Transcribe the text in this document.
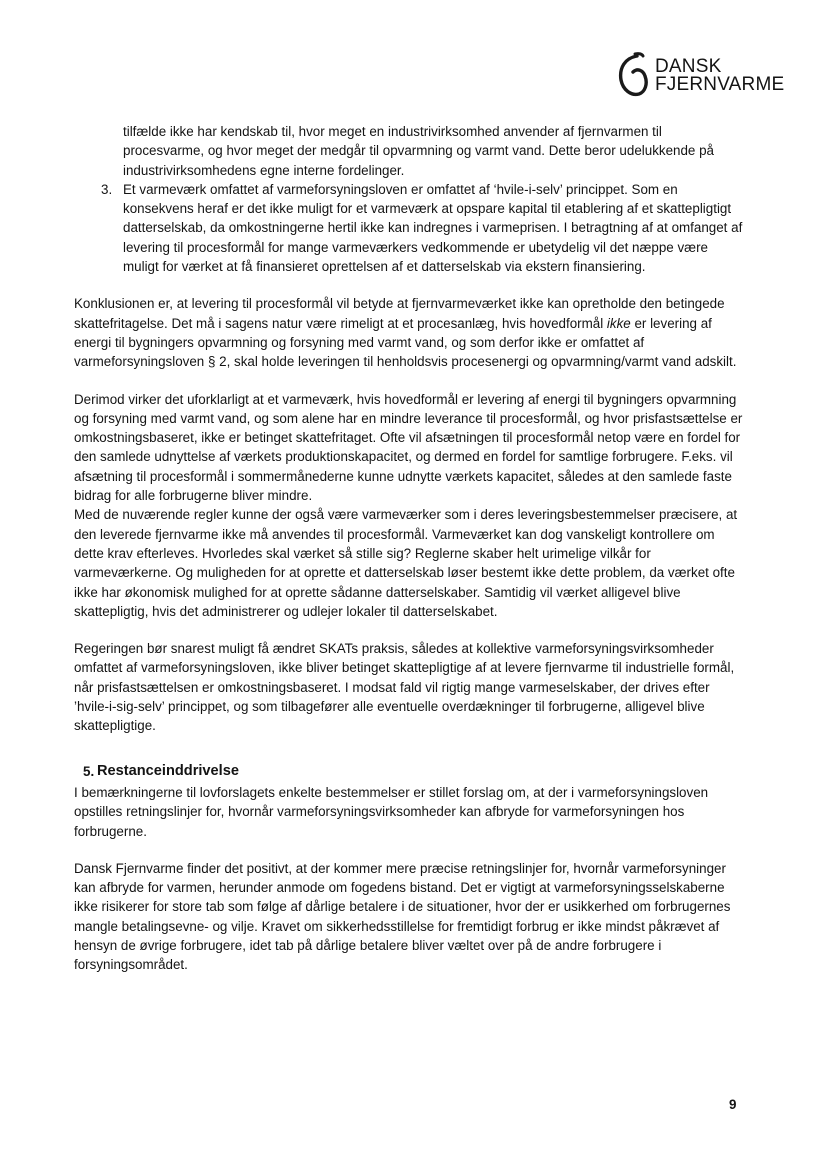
DANSK
FJERNVARME
tilfælde ikke har kendskab til, hvor meget en industrivirksomhed anvender af fjernvarmen til procesvarme, og hvor meget der medgår til opvarmning og varmt vand. Dette beror udelukkende på industrivirksomhedens egne interne fordelinger.
3. Et varmeværk omfattet af varmeforsyningsloven er omfattet af ‘hvile-i-selv’ princippet. Som en konsekvens heraf er det ikke muligt for et varmeværk at opspare kapital til etablering af et skattepligtigt datterselskab, da omkostningerne hertil ikke kan indregnes i varmeprisen. I betragtning af at omfanget af levering til procesformål for mange varmeværkers vedkommende er ubetydelig vil det næppe være muligt for værket at få finansieret oprettelsen af et datterselskab via ekstern finansiering.

Konklusionen er, at levering til procesformål vil betyde at fjernvarmeværket ikke kan opretholde den betingede skattefritagelse. Det må i sagens natur være rimeligt at et procesanlæg, hvis hovedformål ikke er levering af energi til bygningers opvarmning og forsyning med varmt vand, og som derfor ikke er omfattet af varmeforsyningsloven § 2, skal holde leveringen til henholdsvis procesenergi og opvarmning/varmt vand adskilt.

Derimod virker det uforklarligt at et varmeværk, hvis hovedformål er levering af energi til bygningers opvarmning og forsyning med varmt vand, og som alene har en mindre leverance til procesformål, og hvor prisfastsættelse er omkostningsbaseret, ikke er betinget skattefritaget. Ofte vil afsætningen til procesformål netop være en fordel for den samlede udnyttelse af værkets produktionskapacitet, og dermed en fordel for samtlige forbrugere. F.eks. vil afsætning til procesformål i sommermånederne kunne udnytte værkets kapacitet, således at den samlede faste bidrag for alle forbrugerne bliver mindre.

Med de nuværende regler kunne der også være varmeværker som i deres leveringsbestemmelser præcisere, at den leverede fjernvarme ikke må anvendes til procesformål. Varmeværket kan dog vanskeligt kontrollere om dette krav efterleves. Hvorledes skal værket så stille sig? Reglerne skaber helt urimelige vilkår for varmeværkerne. Og muligheden for at oprette et datterselskab løser bestemt ikke dette problem, da værket ofte ikke har økonomisk mulighed for at oprette sådanne datterselskaber. Samtidig vil værket alligevel blive skattepligtig, hvis det administrerer og udlejer lokaler til datterselskabet.

Regeringen bør snarest muligt få ændret SKATs praksis, således at kollektive varmeforsyningsvirksomheder omfattet af varmeforsyningsloven, ikke bliver betinget skattepligtige af at levere fjernvarme til industrielle formål, når prisfastsættelsen er omkostningsbaseret. I modsat fald vil rigtig mange varmeselskaber, der drives efter ’hvile-i-sig-selv’ princippet, og som tilbagefører alle eventuelle overdækninger til forbrugerne, alligevel blive skattepligtige.

5. Restanceinddrivelse

I bemærkningerne til lovforslagets enkelte bestemmelser er stillet forslag om, at der i varmeforsyningsloven opstilles retningslinjer for, hvornår varmeforsyningsvirksomheder kan afbryde for varmeforsyningen hos forbrugerne.

Dansk Fjernvarme finder det positivt, at der kommer mere præcise retningslinjer for, hvornår varmeforsyninger kan afbryde for varmen, herunder anmode om fogedens bistand. Det er vigtigt at varmeforsyningsselskaberne ikke risikerer for store tab som følge af dårlige betalere i de situationer, hvor der er usikkerhed om forbrugernes mangle betalingsevne- og vilje. Kravet om sikkerhedsstillelse for fremtidigt forbrug er ikke mindst påkrævet af hensyn de øvrige forbrugere, idet tab på dårlige betalere bliver væltet over på de andre forbrugere i forsyningsområdet.

9
